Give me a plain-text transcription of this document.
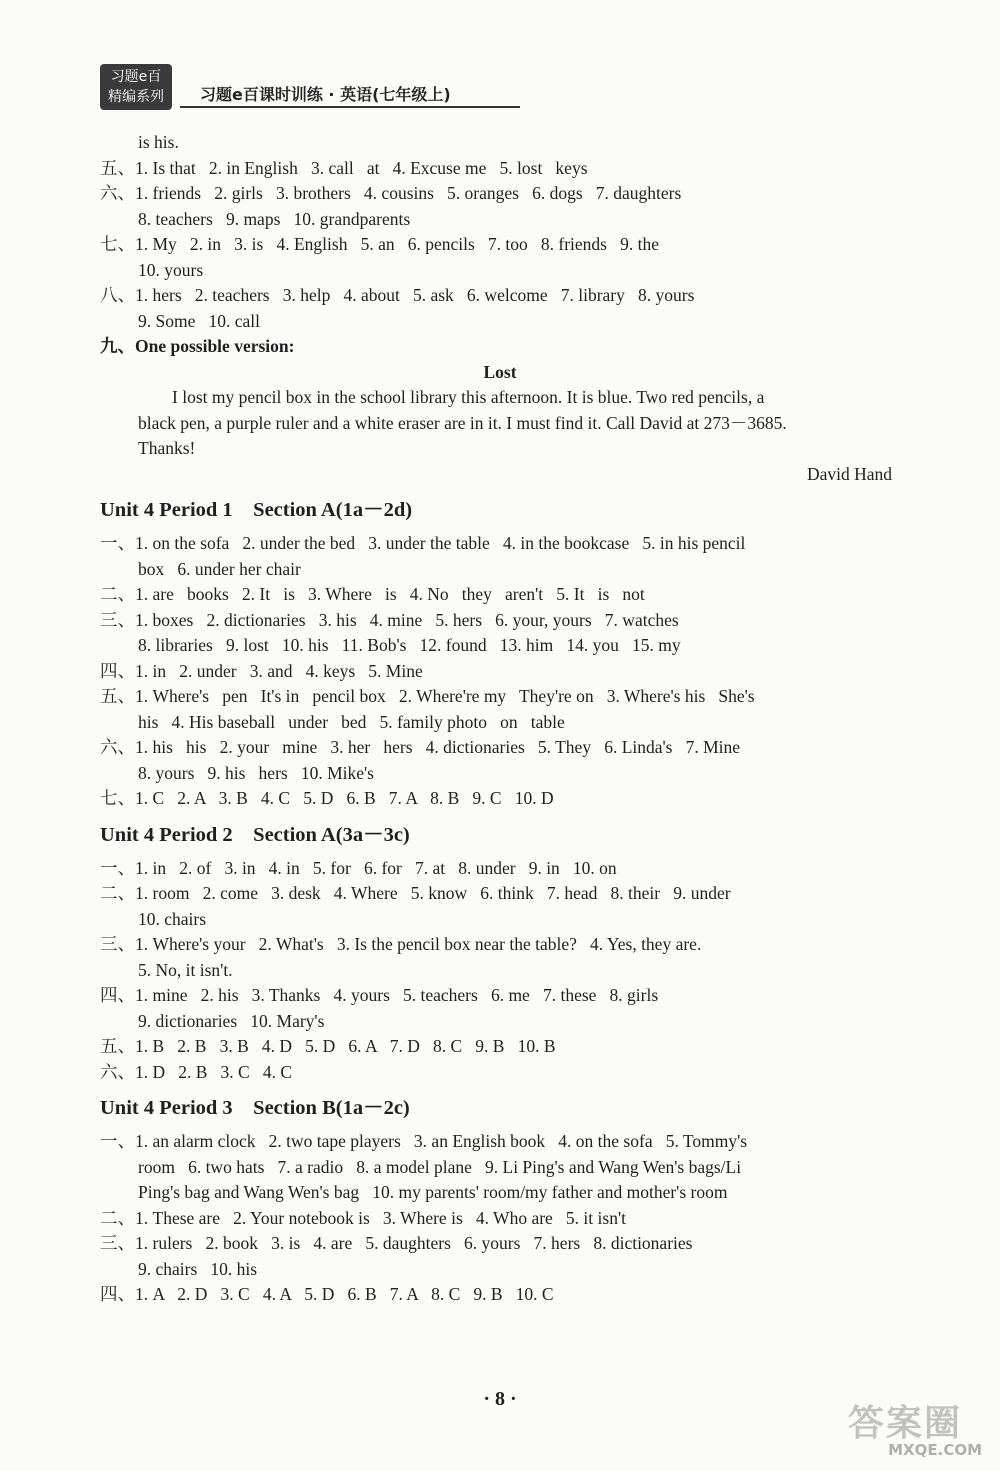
习题e百
精编系列	习题e百课时训练 · 英语(七年级上)
is his.
五、1. Is that   2. in English   3. call   at   4. Excuse me   5. lost   keys
六、1. friends   2. girls   3. brothers   4. cousins   5. oranges   6. dogs   7. daughters
8. teachers   9. maps   10. grandparents
七、1. My   2. in   3. is   4. English   5. an   6. pencils   7. too   8. friends   9. the
10. yours
八、1. hers   2. teachers   3. help   4. about   5. ask   6. welcome   7. library   8. yours
9. Some   10. call
九、One possible version:
Lost
I lost my pencil box in the school library this afternoon. It is blue. Two red pencils, a
black pen, a purple ruler and a white eraser are in it. I must find it. Call David at 273－3685.
Thanks!
David Hand
Unit 4 Period 1    Section A(1a－2d)
一、1. on the sofa   2. under the bed   3. under the table   4. in the bookcase   5. in his pencil
box   6. under her chair
二、1. are   books   2. It   is   3. Where   is   4. No   they   aren't   5. It   is   not
三、1. boxes   2. dictionaries   3. his   4. mine   5. hers   6. your, yours   7. watches
8. libraries   9. lost   10. his   11. Bob's   12. found   13. him   14. you   15. my
四、1. in   2. under   3. and   4. keys   5. Mine
五、1. Where's   pen   It's in   pencil box   2. Where're my   They're on   3. Where's his   She's
his   4. His baseball   under   bed   5. family photo   on   table
六、1. his   his   2. your   mine   3. her   hers   4. dictionaries   5. They   6. Linda's   7. Mine
8. yours   9. his   hers   10. Mike's
七、1. C   2. A   3. B   4. C   5. D   6. B   7. A   8. B   9. C   10. D
Unit 4 Period 2    Section A(3a－3c)
一、1. in   2. of   3. in   4. in   5. for   6. for   7. at   8. under   9. in   10. on
二、1. room   2. come   3. desk   4. Where   5. know   6. think   7. head   8. their   9. under
10. chairs
三、1. Where's your   2. What's   3. Is the pencil box near the table?   4. Yes, they are.
5. No, it isn't.
四、1. mine   2. his   3. Thanks   4. yours   5. teachers   6. me   7. these   8. girls
9. dictionaries   10. Mary's
五、1. B   2. B   3. B   4. D   5. D   6. A   7. D   8. C   9. B   10. B
六、1. D   2. B   3. C   4. C
Unit 4 Period 3    Section B(1a－2c)
一、1. an alarm clock   2. two tape players   3. an English book   4. on the sofa   5. Tommy's
room   6. two hats   7. a radio   8. a model plane   9. Li Ping's and Wang Wen's bags/Li
Ping's bag and Wang Wen's bag   10. my parents' room/my father and mother's room
二、1. These are   2. Your notebook is   3. Where is   4. Who are   5. it isn't
三、1. rulers   2. book   3. is   4. are   5. daughters   6. yours   7. hers   8. dictionaries
9. chairs   10. his
四、1. A   2. D   3. C   4. A   5. D   6. B   7. A   8. C   9. B   10. C
· 8 ·
答案圈
MXQE.COM
